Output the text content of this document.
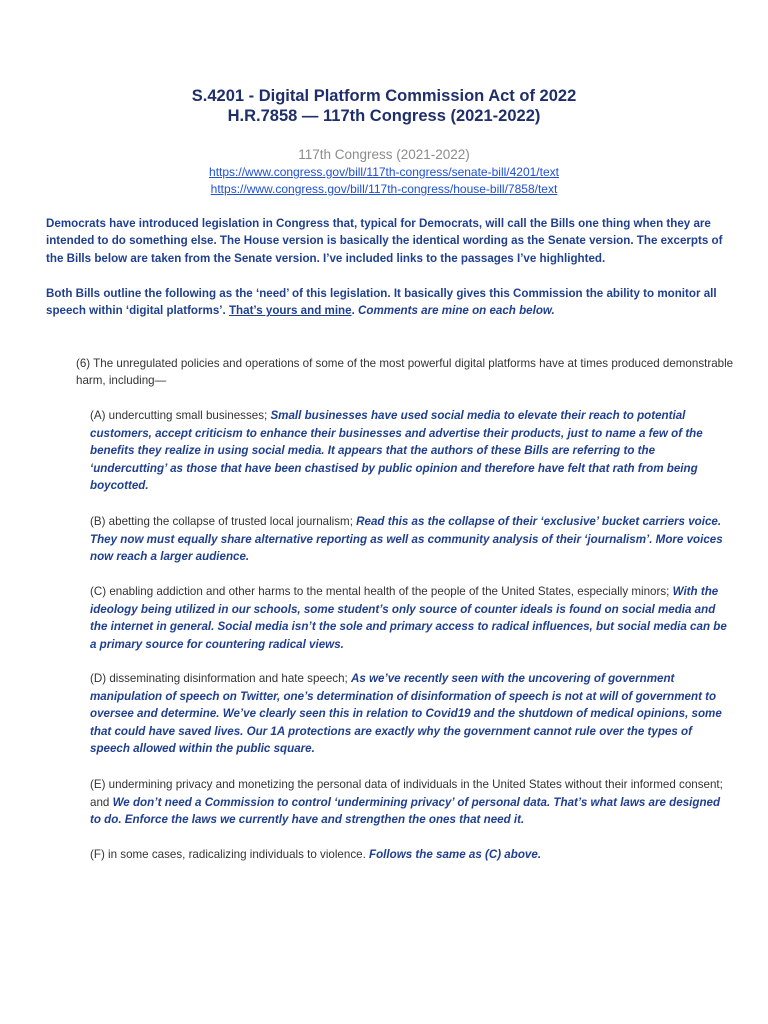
S.4201 - Digital Platform Commission Act of 2022
H.R.7858 — 117th Congress (2021-2022)
117th Congress (2021-2022)
https://www.congress.gov/bill/117th-congress/senate-bill/4201/text
https://www.congress.gov/bill/117th-congress/house-bill/7858/text
Democrats have introduced legislation in Congress that, typical for Democrats, will call the Bills one thing when they are intended to do something else. The House version is basically the identical wording as the Senate version. The excerpts of the Bills below are taken from the Senate version. I’ve included links to the passages I’ve highlighted.
Both Bills outline the following as the ‘need’ of this legislation. It basically gives this Commission the ability to monitor all speech within ‘digital platforms’. That’s yours and mine. Comments are mine on each below.
(6) The unregulated policies and operations of some of the most powerful digital platforms have at times produced demonstrable harm, including—
(A) undercutting small businesses; Small businesses have used social media to elevate their reach to potential customers, accept criticism to enhance their businesses and advertise their products, just to name a few of the benefits they realize in using social media. It appears that the authors of these Bills are referring to the ‘undercutting’ as those that have been chastised by public opinion and therefore have felt that rath from being boycotted.
(B) abetting the collapse of trusted local journalism; Read this as the collapse of their ‘exclusive’ bucket carriers voice. They now must equally share alternative reporting as well as community analysis of their ‘journalism’. More voices now reach a larger audience.
(C) enabling addiction and other harms to the mental health of the people of the United States, especially minors; With the ideology being utilized in our schools, some student’s only source of counter ideals is found on social media and the internet in general. Social media isn’t the sole and primary access to radical influences, but social media can be a primary source for countering radical views.
(D) disseminating disinformation and hate speech; As we’ve recently seen with the uncovering of government manipulation of speech on Twitter, one’s determination of disinformation of speech is not at will of government to oversee and determine. We’ve clearly seen this in relation to Covid19 and the shutdown of medical opinions, some that could have saved lives. Our 1A protections are exactly why the government cannot rule over the types of speech allowed within the public square.
(E) undermining privacy and monetizing the personal data of individuals in the United States without their informed consent; and We don’t need a Commission to control ‘undermining privacy’ of personal data. That’s what laws are designed to do. Enforce the laws we currently have and strengthen the ones that need it.
(F) in some cases, radicalizing individuals to violence. Follows the same as (C) above.
